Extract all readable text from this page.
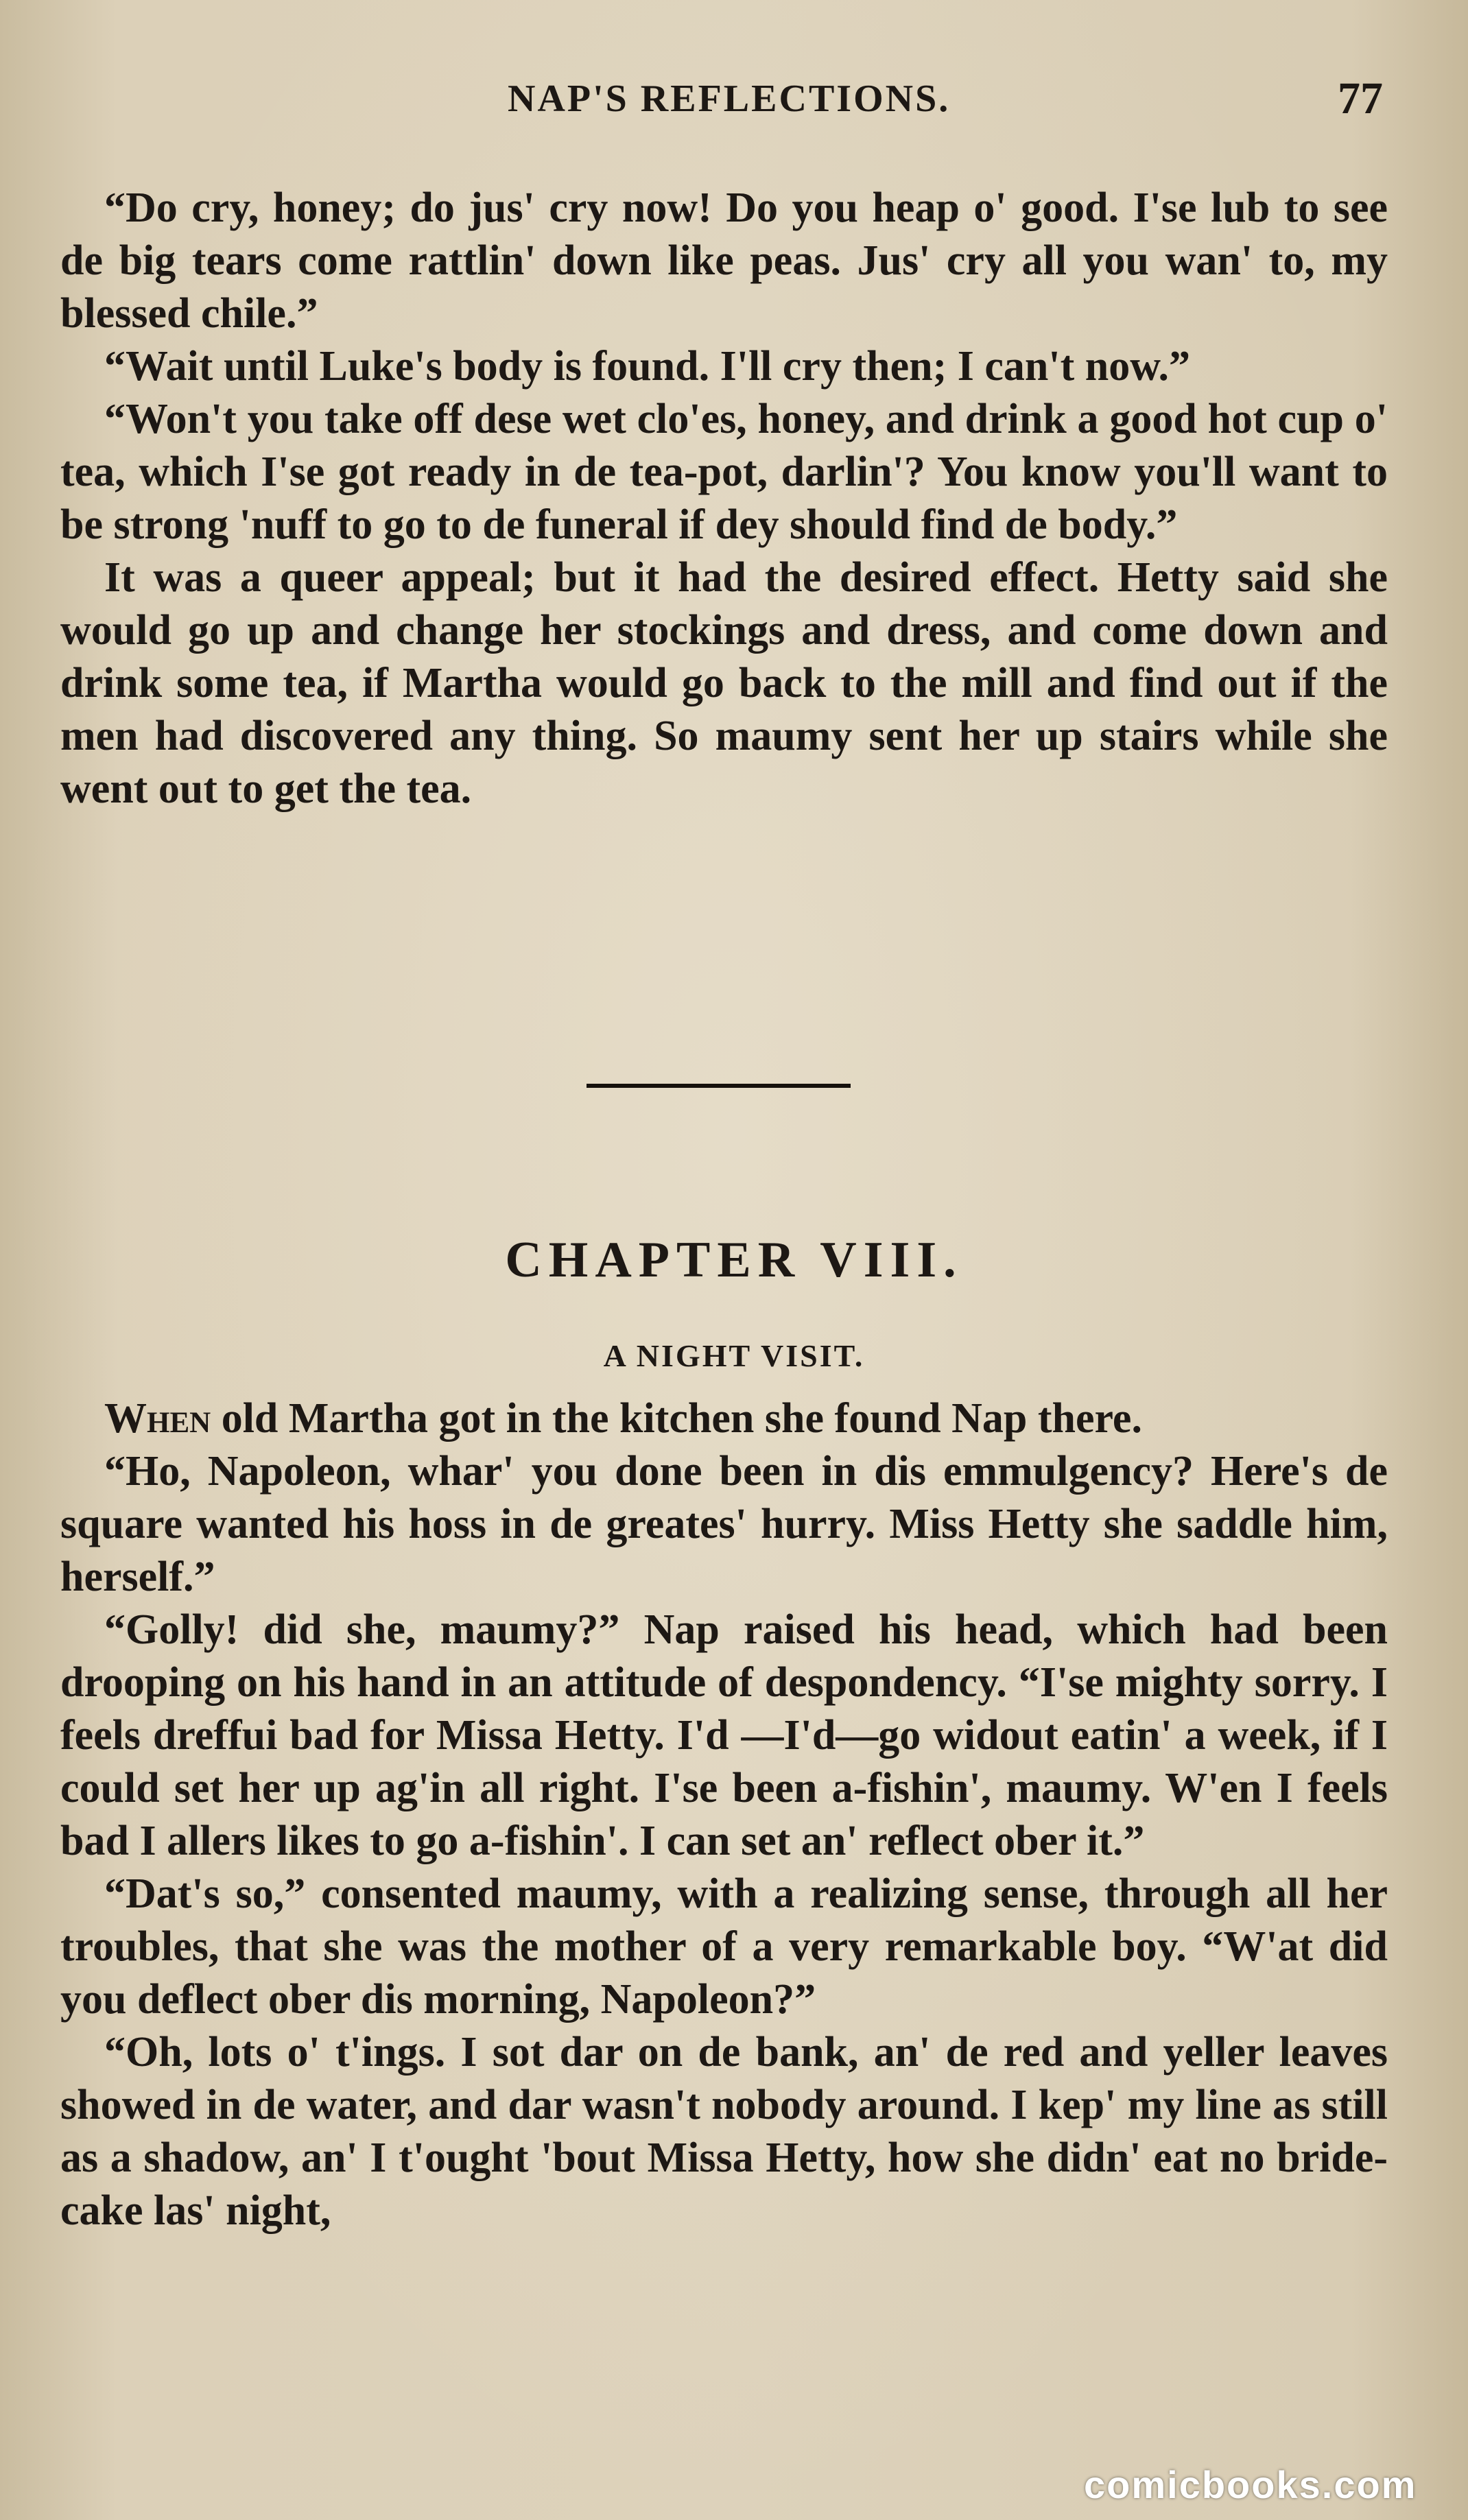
NAP'S REFLECTIONS.	77

“Do cry, honey; do jus' cry now! Do you heap o' good. I'se lub to see de big tears come rattlin' down like peas. Jus' cry all you wan' to, my blessed chile.”

“Wait until Luke's body is found. I'll cry then; I can't now.”

“Won't you take off dese wet clo'es, honey, and drink a good hot cup o' tea, which I'se got ready in de tea-pot, darlin'? You know you'll want to be strong 'nuff to go to de funeral if dey should find de body.”

It was a queer appeal; but it had the desired effect. Hetty said she would go up and change her stockings and dress, and come down and drink some tea, if Martha would go back to the mill and find out if the men had discovered any thing. So maumy sent her up stairs while she went out to get the tea.

CHAPTER VIII.
A NIGHT VISIT.

When old Martha got in the kitchen she found Nap there.

“Ho, Napoleon, whar' you done been in dis emmulgency? Here's de square wanted his hoss in de greates' hurry. Miss Hetty she saddle him, herself.”

“Golly! did she, maumy?” Nap raised his head, which had been drooping on his hand in an attitude of despondency. “I'se mighty sorry. I feels dreffui bad for Missa Hetty. I'd —I'd—go widout eatin' a week, if I could set her up ag'in all right. I'se been a-fishin', maumy. W'en I feels bad I allers likes to go a-fishin'. I can set an' reflect ober it.”

“Dat's so,” consented maumy, with a realizing sense, through all her troubles, that she was the mother of a very remarkable boy. “W'at did you deflect ober dis morning, Napoleon?”

“Oh, lots o' t'ings. I sot dar on de bank, an' de red and yeller leaves showed in de water, and dar wasn't nobody around. I kep' my line as still as a shadow, an' I t'ought 'bout Missa Hetty, how she didn' eat no bride-cake las' night,

comicbooks.com
